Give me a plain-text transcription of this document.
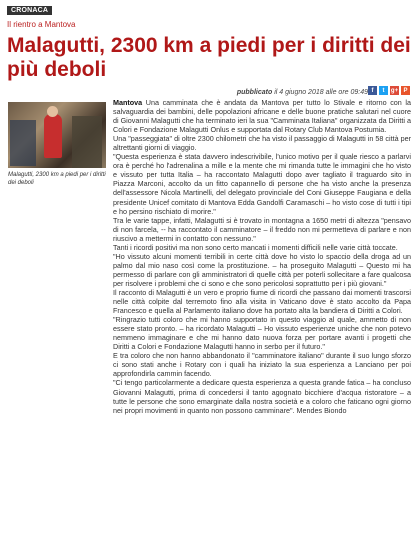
CRONACA
Il rientro a Mantova
Malagutti, 2300 km a piedi per i diritti dei più deboli
pubblicato il 4 giugno 2018 alle ore 09:49 f	t	g+ P
Malagutti, 2300 km a piedi per i diritti dei deboli

Mantova Una camminata che è andata da Mantova per tutto lo Stivale e ritorno con la salvaguardia dei bambini, delle popolazioni africane e delle buone pratiche salutari nel cuore di Giovanni Malagutti che ha terminato ieri la sua "Camminata Italiana" organizzata da Diritti a Colori e Fondazione Malagutti Onlus e supportata dal Rotary Club Mantova Postumia.

Una "passeggiata" di oltre 2300 chilometri che ha visto il passaggio di Malagutti in 58 città per altrettanti giorni di viaggio.

"Questa esperienza è stata davvero indescrivibile, l'unico motivo per il quale riesco a parlarvi ora è perché ho l'adrenalina a mille e la mente che mi rimanda tutte le immagini che ho visto e vissuto per tutta Italia – ha raccontato Malagutti dopo aver tagliato il traguardo sito in Piazza Marconi, accolto da un fitto capannello di persone che ha visto anche la presenza dell'assessore Nicola Martinelli, del delegato provinciale del Coni Giuseppe Faugiana e della presidente Unicef comitato di Mantova Edda Gandolfi Caramaschi – ho visto cose di tutti i tipi e ho persino rischiato di morire."

Tra le varie tappe, infatti, Malagutti si è trovato in montagna a 1650 metri di altezza "pensavo di non farcela, -- ha raccontato il camminatore – il freddo non mi permetteva di parlare e non riuscivo a mettermi in contatto con nessuno."

Tanti i ricordi positivi ma non sono certo mancati i momenti difficili nelle varie città toccate.

"Ho vissuto alcuni momenti terribili in certe città dove ho visto lo spaccio della droga ad un palmo dal mio naso così come la prostituzione. – ha proseguito Malagutti – Questo mi ha permesso di parlare con gli amministratori di quelle città per poterli sollecitare a fare qualcosa per risolvere i problemi che ci sono e che sono pericolosi soprattutto per i più giovani."

Il racconto di Malagutti è un vero e proprio fiume di ricordi che passano dai momenti trascorsi nelle città colpite dal terremoto fino alla visita in Vaticano dove è stato accolto da Papa Francesco e quella al Parlamento italiano dove ha portato alta la bandiera di Diritti a Colori.

"Ringrazio tutti coloro che mi hanno supportato in questo viaggio al quale, ammetto di non essere stato pronto. – ha ricordato Malagutti – Ho vissuto esperienze uniche che non potevo nemmeno immaginare e che mi hanno dato nuova forza per portare avanti i progetti che Diritti a Colori e Fondazione Malagutti hanno in serbo per il futuro."

E tra coloro che non hanno abbandonato il "camminatore italiano" durante il suo lungo sforzo ci sono stati anche i Rotary con i quali ha iniziato la sua esperienza a Lanciano per poi approfondirla cammin facendo.

"Ci tengo particolarmente a dedicare questa esperienza a questa grande fatica – ha concluso Giovanni Malagutti, prima di concedersi il tanto agognato bicchiere d'acqua ristoratore – a tutte le persone che sono emarginate dalla nostra società e a coloro che faticano ogni giorno nei propri movimenti in quanto non possono camminare". Mendes Biondo
